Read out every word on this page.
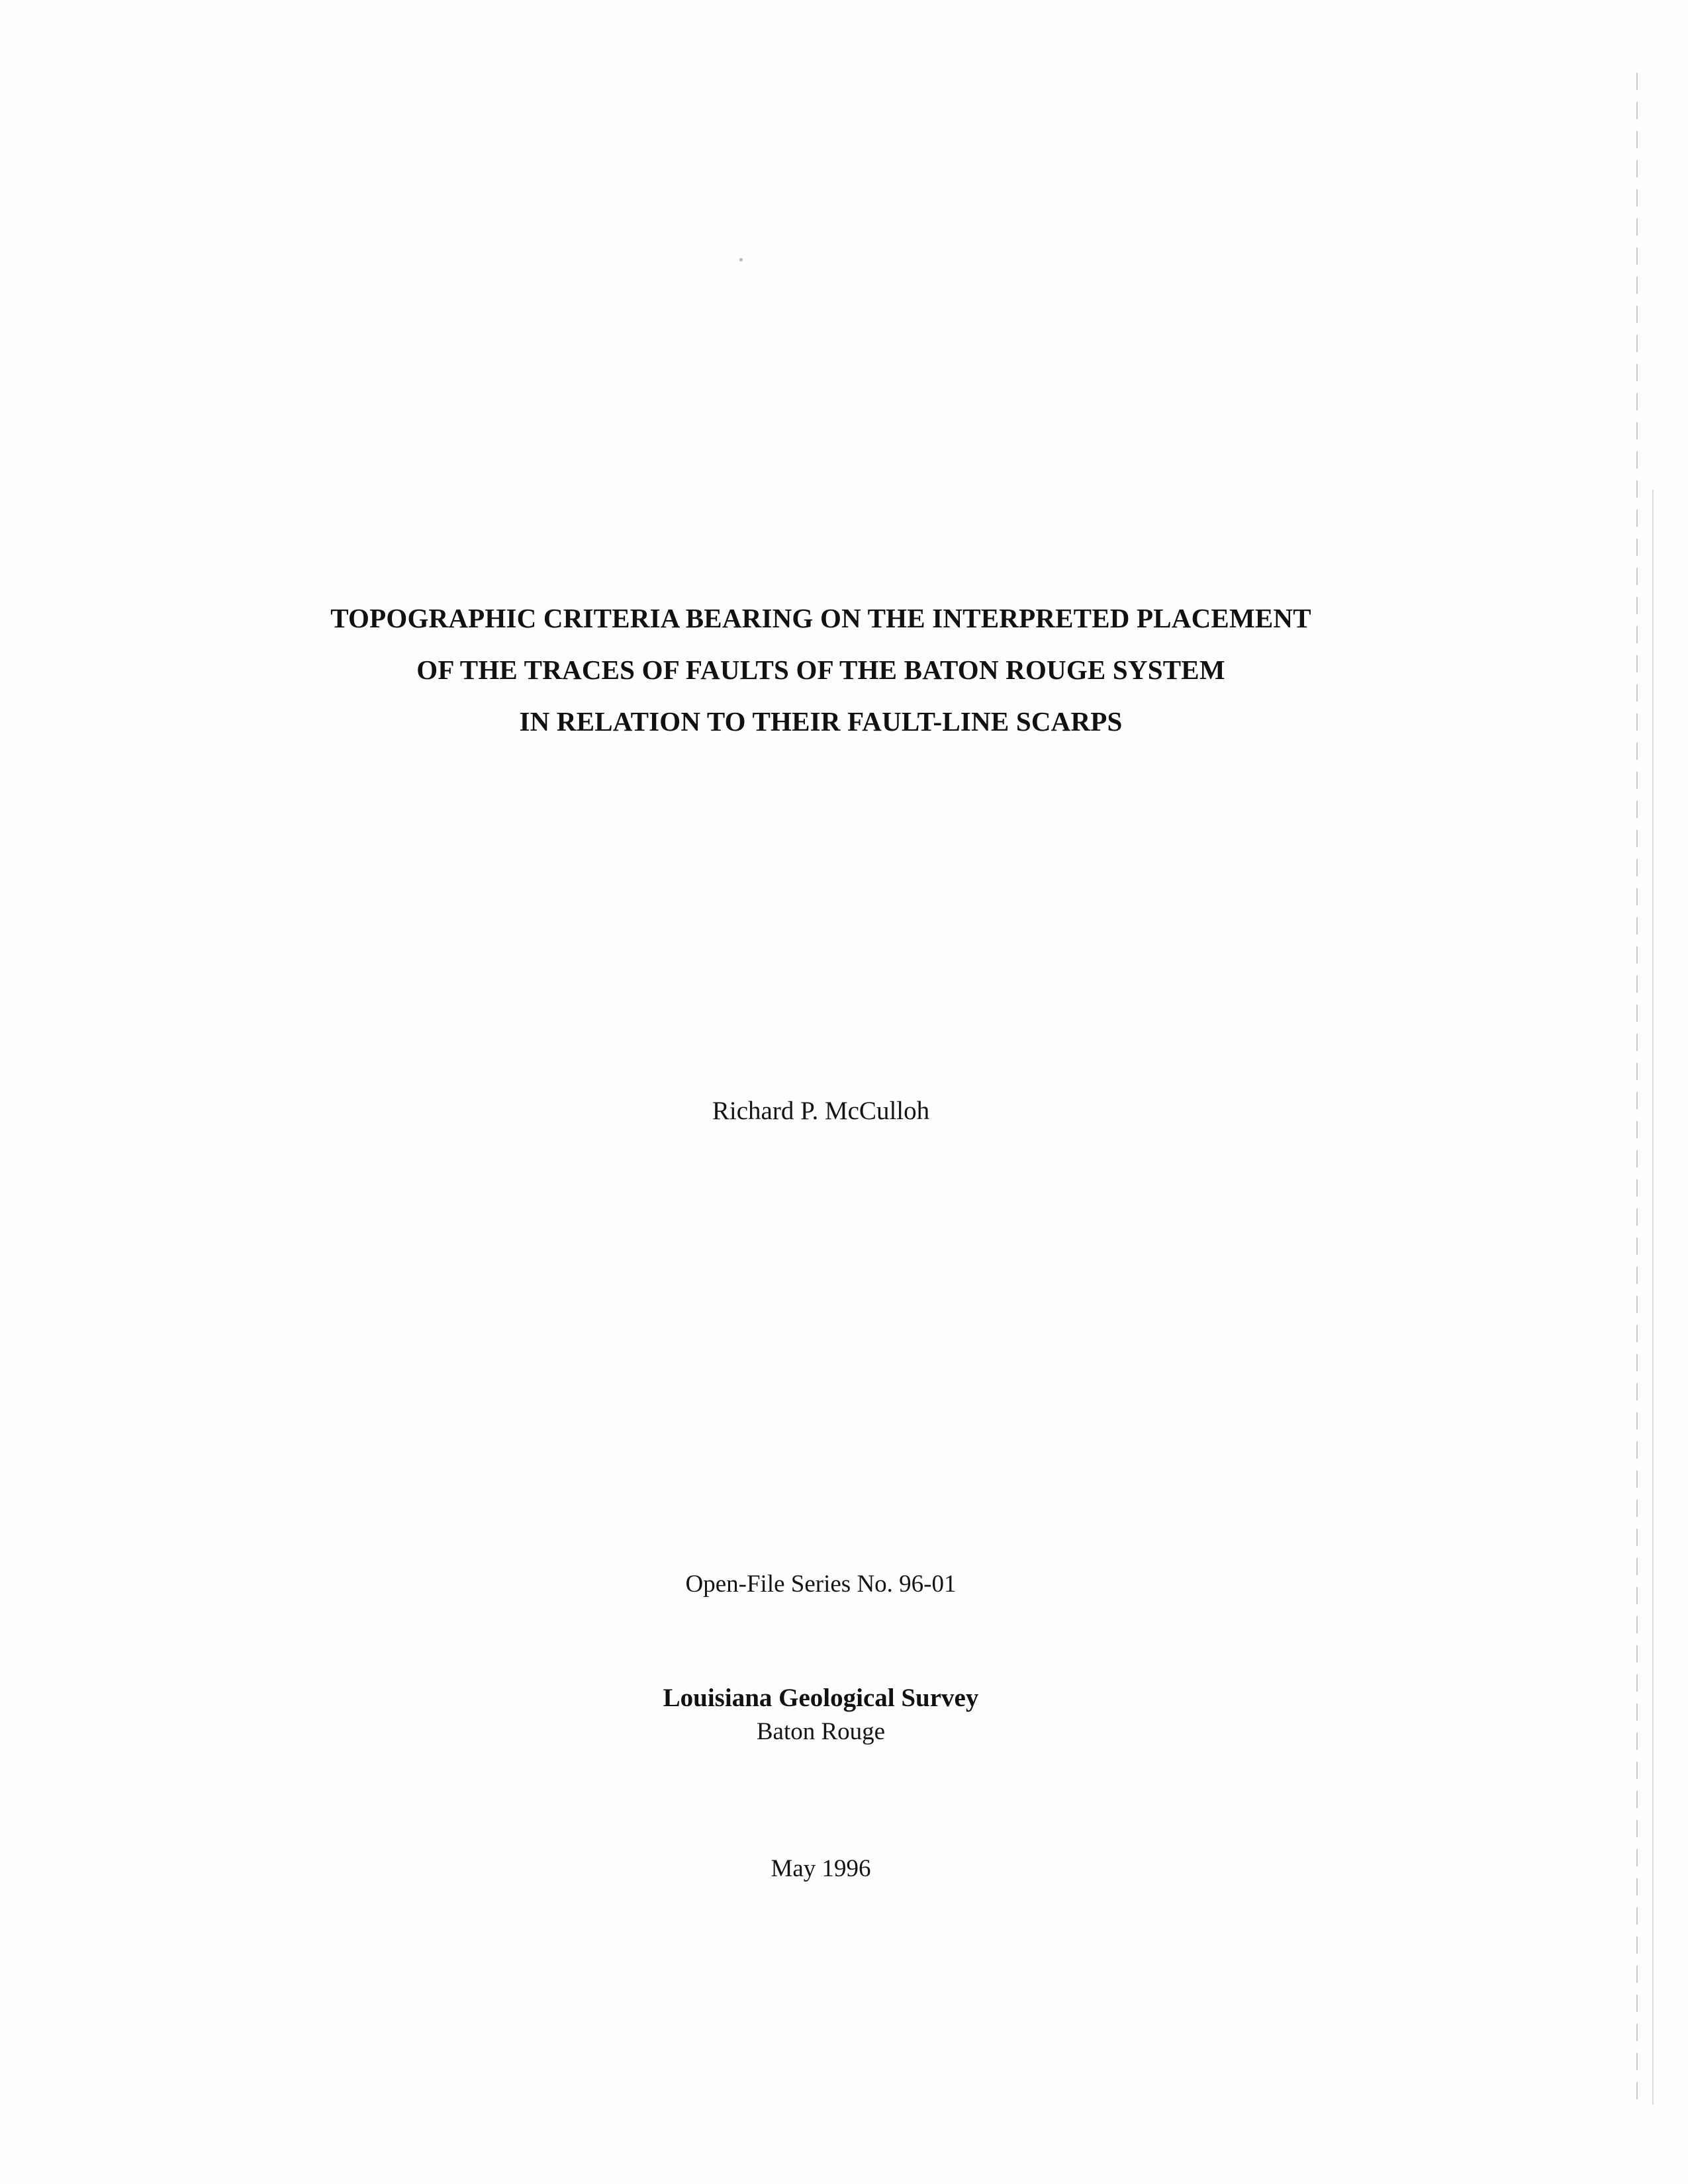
TOPOGRAPHIC CRITERIA BEARING ON THE INTERPRETED PLACEMENT
OF THE TRACES OF FAULTS OF THE BATON ROUGE SYSTEM
IN RELATION TO THEIR FAULT-LINE SCARPS
Richard P. McCulloh
Open-File Series No. 96-01
Louisiana Geological Survey
Baton Rouge
May 1996
